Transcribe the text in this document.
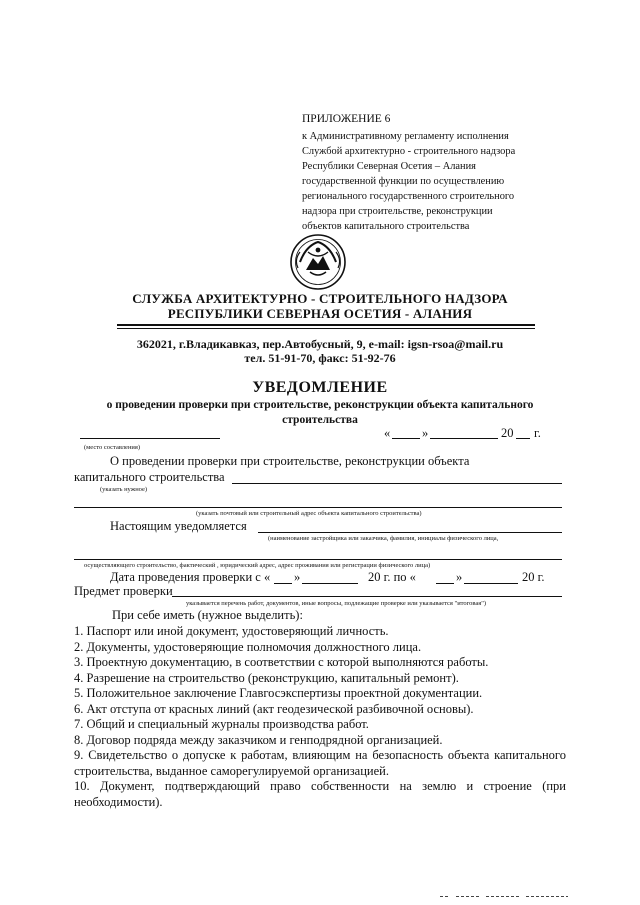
ПРИЛОЖЕНИЕ 6
к Административному регламенту исполнения
Службой архитектурно - строительного надзора
Республики Северная Осетия – Алания
государственной функции по осуществлению
регионального государственного строительного
надзора при строительстве, реконструкции
объектов капитального строительства
СЛУЖБА АРХИТЕКТУРНО - СТРОИТЕЛЬНОГО НАДЗОРА
РЕСПУБЛИКИ СЕВЕРНАЯ ОСЕТИЯ - АЛАНИЯ
362021, г.Владикавказ, пер.Автобусный, 9, e-mail: igsn-rsoa@mail.ru
тел. 51-91-70, факс: 51-92-76
УВЕДОМЛЕНИЕ
о проведении проверки при строительстве, реконструкции объекта капитального строительства
«	»	20 г.
(место составления)
О проведении проверки при строительстве, реконструкции объекта
капитального строительства
(указать нужное)
(указать почтовый или строительный адрес объекта капитального строительства)
Настоящим уведомляется
(наименование застройщика или заказчика, фамилия, инициалы физического лица,
осуществляющего строительство, фактический , юридический адрес, адрес проживания или регистрации физического лица)
Дата проведения проверки с « »	20 г. по «	»	20 г.
Предмет проверки
указывается перечень работ, документов, иные вопросы, подлежащие проверке или указывается "итоговая")
При себе иметь (нужное выделить):
1. Паспорт или иной документ, удостоверяющий личность.
2. Документы, удостоверяющие полномочия должностного лица.
3. Проектную документацию, в соответствии с которой выполняются работы.
4. Разрешение на строительство (реконструкцию, капитальный ремонт).
5. Положительное заключение Главгосэкспертизы проектной документации.
6. Акт отступа от красных линий (акт геодезической разбивочной основы).
7. Общий и специальный журналы производства работ.
8. Договор подряда между заказчиком и генподрядной организацией.
9. Свидетельство о допуске к работам, влияющим на безопасность объекта капитального строительства, выданное саморегулируемой организацией.
10. Документ, подтверждающий право собственности на землю и строение (при необходимости).
